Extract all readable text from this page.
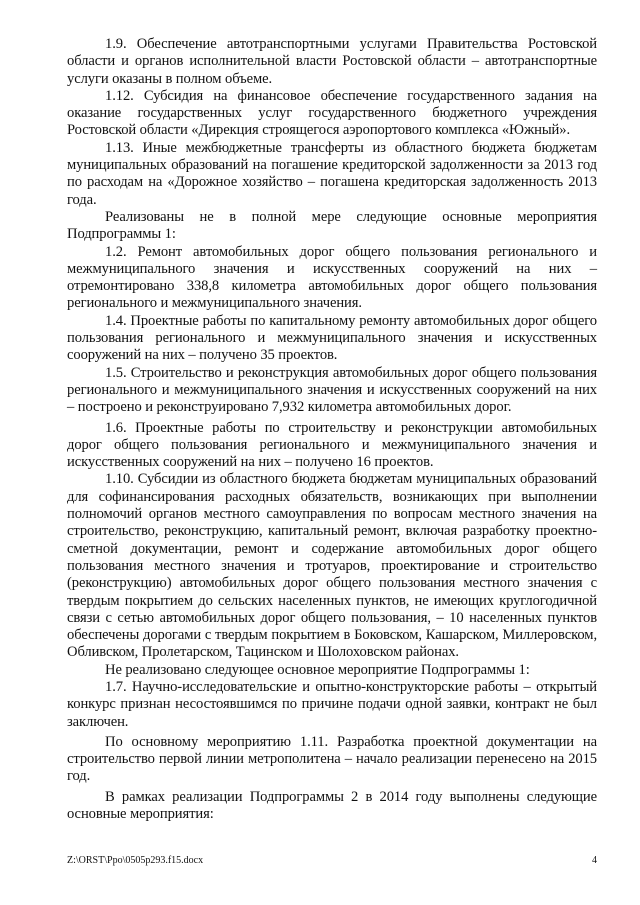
1.9. Обеспечение автотранспортными услугами Правительства Ростовской области и органов исполнительной власти Ростовской области – автотранспортные услуги оказаны в полном объеме.

1.12. Субсидия на финансовое обеспечение государственного задания на оказание государственных услуг государственного бюджетного учреждения Ростовской области «Дирекция строящегося аэропортового комплекса «Южный».

1.13. Иные межбюджетные трансферты из областного бюджета бюджетам муниципальных образований на погашение кредиторской задолженности за 2013 год по расходам на «Дорожное хозяйство – погашена кредиторская задолженность 2013 года.

Реализованы не в полной мере следующие основные мероприятия Подпрограммы 1:

1.2. Ремонт автомобильных дорог общего пользования регионального и межмуниципального значения и искусственных сооружений на них – отремонтировано 338,8 километра автомобильных дорог общего пользования регионального и межмуниципального значения.

1.4. Проектные работы по капитальному ремонту автомобильных дорог общего пользования регионального и межмуниципального значения и искусственных сооружений на них – получено 35 проектов.

1.5. Строительство и реконструкция автомобильных дорог общего пользования регионального и межмуниципального значения и искусственных сооружений на них – построено и реконструировано 7,932 километра автомобильных дорог.

1.6. Проектные работы по строительству и реконструкции автомобильных дорог общего пользования регионального и межмуниципального значения и искусственных сооружений на них – получено 16 проектов.

1.10. Субсидии из областного бюджета бюджетам муниципальных образований для софинансирования расходных обязательств, возникающих при выполнении полномочий органов местного самоуправления по вопросам местного значения на строительство, реконструкцию, капитальный ремонт, включая разработку проектно-сметной документации, ремонт и содержание автомобильных дорог общего пользования местного значения и тротуаров, проектирование и строительство (реконструкцию) автомобильных дорог общего пользования местного значения с твердым покрытием до сельских населенных пунктов, не имеющих круглогодичной связи с сетью автомобильных дорог общего пользования, – 10 населенных пунктов обеспечены дорогами с твердым покрытием в Боковском, Кашарском, Миллеровском, Обливском, Пролетарском, Тацинском и Шолоховском районах.

Не реализовано следующее основное мероприятие Подпрограммы 1:

1.7. Научно-исследовательские и опытно-конструкторские работы – открытый конкурс признан несостоявшимся по причине подачи одной заявки, контракт не был заключен.

По основному мероприятию 1.11. Разработка проектной документации на строительство первой линии метрополитена – начало реализации перенесено на 2015 год.

В рамках реализации Подпрограммы 2 в 2014 году выполнены следующие основные мероприятия:

Z:\ORST\Ppo\0505p293.f15.docx	4
